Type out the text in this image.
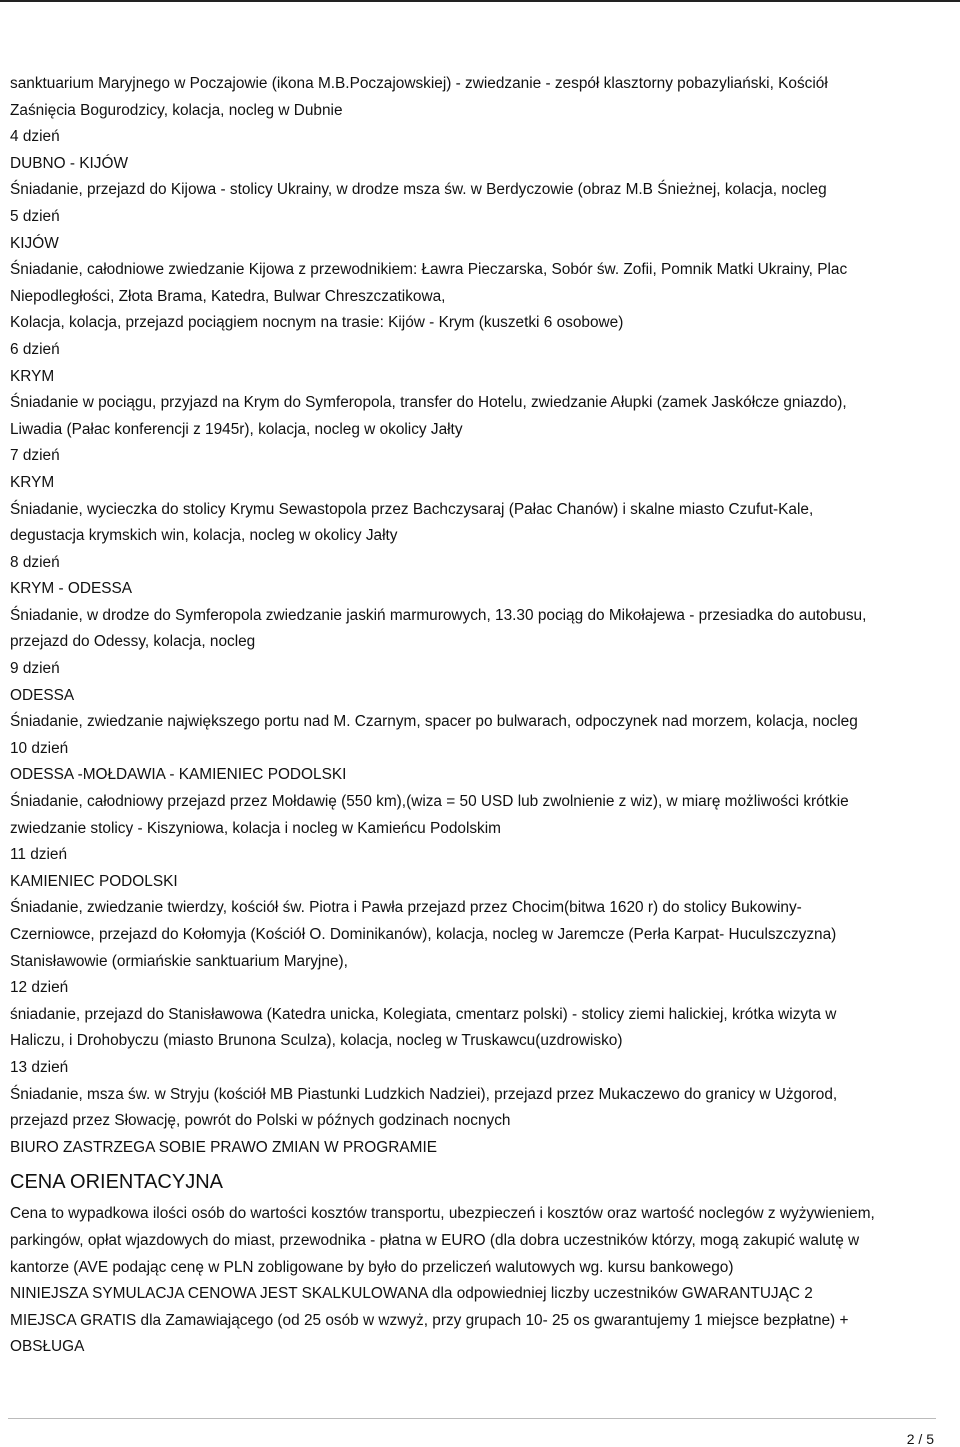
sanktuarium Maryjnego w Poczajowie (ikona M.B.Poczajowskiej) - zwiedzanie - zespół klasztorny pobazyliański, Kościół

Zaśnięcia Bogurodzicy, kolacja, nocleg w Dubnie

4 dzień

DUBNO - KIJÓW

Śniadanie, przejazd do Kijowa - stolicy Ukrainy, w drodze msza św. w Berdyczowie (obraz M.B Śnieżnej, kolacja, nocleg

5 dzień

KIJÓW

Śniadanie, całodniowe zwiedzanie Kijowa z przewodnikiem: Ławra Pieczarska, Sobór św. Zofii, Pomnik Matki Ukrainy, Plac

Niepodległości, Złota Brama, Katedra, Bulwar Chreszczatikowa,

Kolacja, kolacja, przejazd pociągiem nocnym na trasie: Kijów - Krym (kuszetki 6 osobowe)

6 dzień

KRYM

Śniadanie w pociągu, przyjazd na Krym do Symferopola, transfer do Hotelu, zwiedzanie Ałupki (zamek Jaskółcze gniazdo),

Liwadia (Pałac konferencji z 1945r), kolacja, nocleg w okolicy Jałty

7 dzień

KRYM

Śniadanie, wycieczka do stolicy Krymu Sewastopola przez Bachczysaraj (Pałac Chanów) i skalne miasto Czufut-Kale,

degustacja krymskich win, kolacja, nocleg w okolicy Jałty

8 dzień

KRYM - ODESSA

Śniadanie, w drodze do Symferopola zwiedzanie jaskiń marmurowych, 13.30 pociąg do Mikołajewa - przesiadka do autobusu,

przejazd do Odessy, kolacja, nocleg

9 dzień

ODESSA

Śniadanie, zwiedzanie największego portu nad M. Czarnym, spacer po bulwarach, odpoczynek nad morzem, kolacja, nocleg

10 dzień

ODESSA -MOŁDAWIA - KAMIENIEC PODOLSKI

Śniadanie, całodniowy przejazd przez Mołdawię (550 km),(wiza = 50 USD lub zwolnienie z wiz), w miarę możliwości krótkie

zwiedzanie stolicy - Kiszyniowa, kolacja i nocleg w Kamieńcu Podolskim

11 dzień

KAMIENIEC PODOLSKI

Śniadanie, zwiedzanie twierdzy, kościół św. Piotra i Pawła przejazd przez Chocim(bitwa 1620 r) do stolicy Bukowiny-

Czerniowce, przejazd do Kołomyja (Kościół O. Dominikanów), kolacja, nocleg w Jaremcze (Perła Karpat- Huculszczyzna)

Stanisławowie (ormiańskie sanktuarium Maryjne),

12 dzień

śniadanie, przejazd do Stanisławowa (Katedra unicka, Kolegiata, cmentarz polski) - stolicy ziemi halickiej, krótka wizyta w

Haliczu, i Drohobyczu (miasto Brunona Sculza), kolacja, nocleg w Truskawcu(uzdrowisko)

13 dzień

Śniadanie, msza św. w Stryju (kościół MB Piastunki Ludzkich Nadziei), przejazd przez Mukaczewo do granicy w Użgorod,

przejazd przez Słowację, powrót do Polski w późnych godzinach nocnych

BIURO ZASTRZEGA SOBIE PRAWO ZMIAN W PROGRAMIE

CENA ORIENTACYJNA

Cena to wypadkowa ilości osób do wartości kosztów transportu, ubezpieczeń i kosztów oraz wartość noclegów z wyżywieniem,

parkingów, opłat wjazdowych do miast, przewodnika - płatna w EURO (dla dobra uczestników którzy, mogą zakupić walutę w

kantorze (AVE podając cenę w PLN zobligowane by było do przeliczeń walutowych wg. kursu bankowego)

NINIEJSZA SYMULACJA CENOWA JEST SKALKULOWANA dla odpowiedniej liczby uczestników GWARANTUJĄC 2

MIEJSCA GRATIS dla Zamawiającego (od 25 osób w wzwyż, przy grupach 10- 25 os gwarantujemy 1 miejsce bezpłatne) +

OBSŁUGA

2 / 5
